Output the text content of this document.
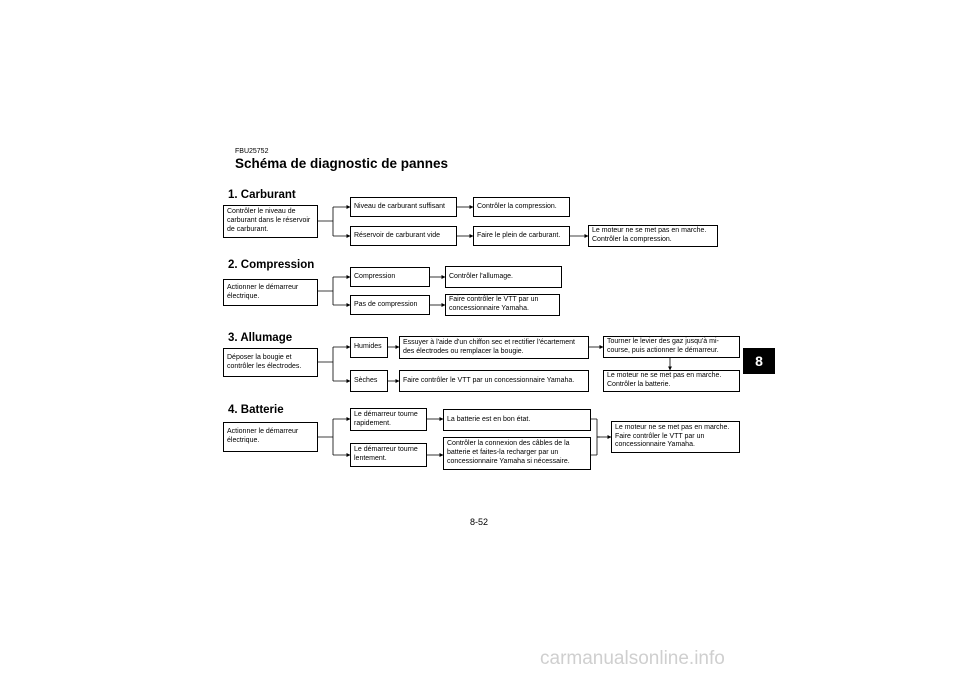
FBU25752
Schéma de diagnostic de pannes
1. Carburant
Contrôler le niveau de carburant dans le réservoir de carburant.
Niveau de carburant suffisant	Contrôler la compression.
Réservoir de carburant vide	Faire le plein de carburant.
Le moteur ne se met pas en marche. Contrôler la compression.
2. Compression
Actionner le démarreur électrique.
Compression	Contrôler l'allumage.
Pas de compression
Faire contrôler le VTT par un concessionnaire Yamaha.
3. Allumage
Déposer la bougie et contrôler les électrodes.
Humides
Essuyer à l'aide d'un chiffon sec et rectifier l'écartement des électrodes ou remplacer la bougie.
Tourner le levier des gaz jusqu'à mi-course, puis actionner le démarreur.
Le moteur ne se met pas en marche. Contrôler la batterie.
Sèches	Faire contrôler le VTT par un concessionnaire Yamaha.
4. Batterie
Actionner le démarreur électrique.
Le démarreur tourne rapidement.
La batterie est en bon état.
Le démarreur tourne lentement.
Contrôler la connexion des câbles de la batterie et faites-la recharger par un concessionnaire Yamaha si nécessaire.
Le moteur ne se met pas en marche. Faire contrôler le VTT par un concessionnaire Yamaha.
8
8-52
carmanualsonline.info
